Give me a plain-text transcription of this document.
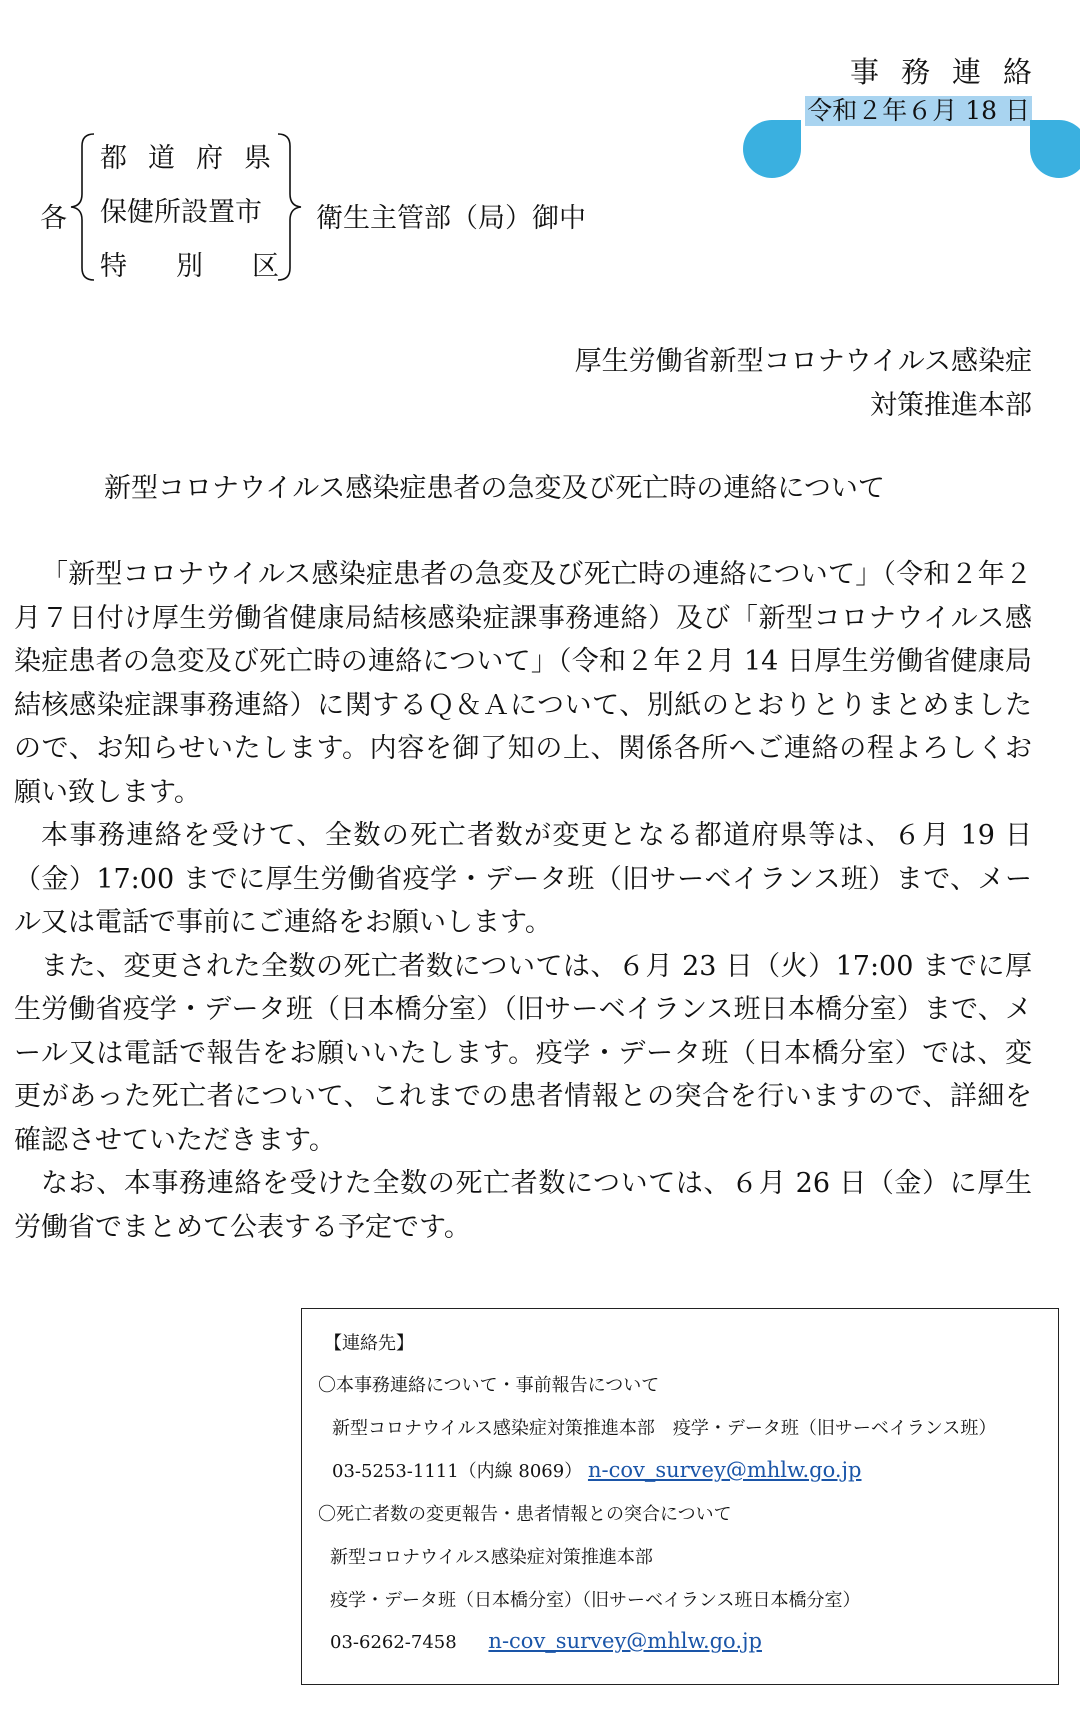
事務連絡
令和２年６月 18 日
各
都道府県
保健所設置市
特別区
衛生主管部（局）御中
厚生労働省新型コロナウイルス感染症
対策推進本部
新型コロナウイルス感染症患者の急変及び死亡時の連絡について

「新型コロナウイルス感染症患者の急変及び死亡時の連絡について」（令和２年２月７日付け厚生労働省健康局結核感染症課事務連絡）及び「新型コロナウイルス感染症患者の急変及び死亡時の連絡について」（令和２年２月 14 日厚生労働省健康局結核感染症課事務連絡）に関するＱ＆Ａについて、別紙のとおりとりまとめましたので、お知らせいたします。内容を御了知の上、関係各所へご連絡の程よろしくお願い致します。

本事務連絡を受けて、全数の死亡者数が変更となる都道府県等は、６月 19 日（金）17:00 までに厚生労働省疫学・データ班（旧サーベイランス班）まで、メール又は電話で事前にご連絡をお願いします。

また、変更された全数の死亡者数については、６月 23 日（火）17:00 までに厚生労働省疫学・データ班（日本橋分室）（旧サーベイランス班日本橋分室）まで、メール又は電話で報告をお願いいたします。疫学・データ班（日本橋分室）では、変更があった死亡者について、これまでの患者情報との突合を行いますので、詳細を確認させていただきます。

なお、本事務連絡を受けた全数の死亡者数については、６月 26 日（金）に厚生労働省でまとめて公表する予定です。

【連絡先】
〇本事務連絡について・事前報告について
新型コロナウイルス感染症対策推進本部　疫学・データ班（旧サーベイランス班）
03-5253-1111（内線 8069） n-cov_survey@mhlw.go.jp
〇死亡者数の変更報告・患者情報との突合について
新型コロナウイルス感染症対策推進本部
疫学・データ班（日本橋分室）（旧サーベイランス班日本橋分室）
03-6262-7458 n-cov_survey@mhlw.go.jp
